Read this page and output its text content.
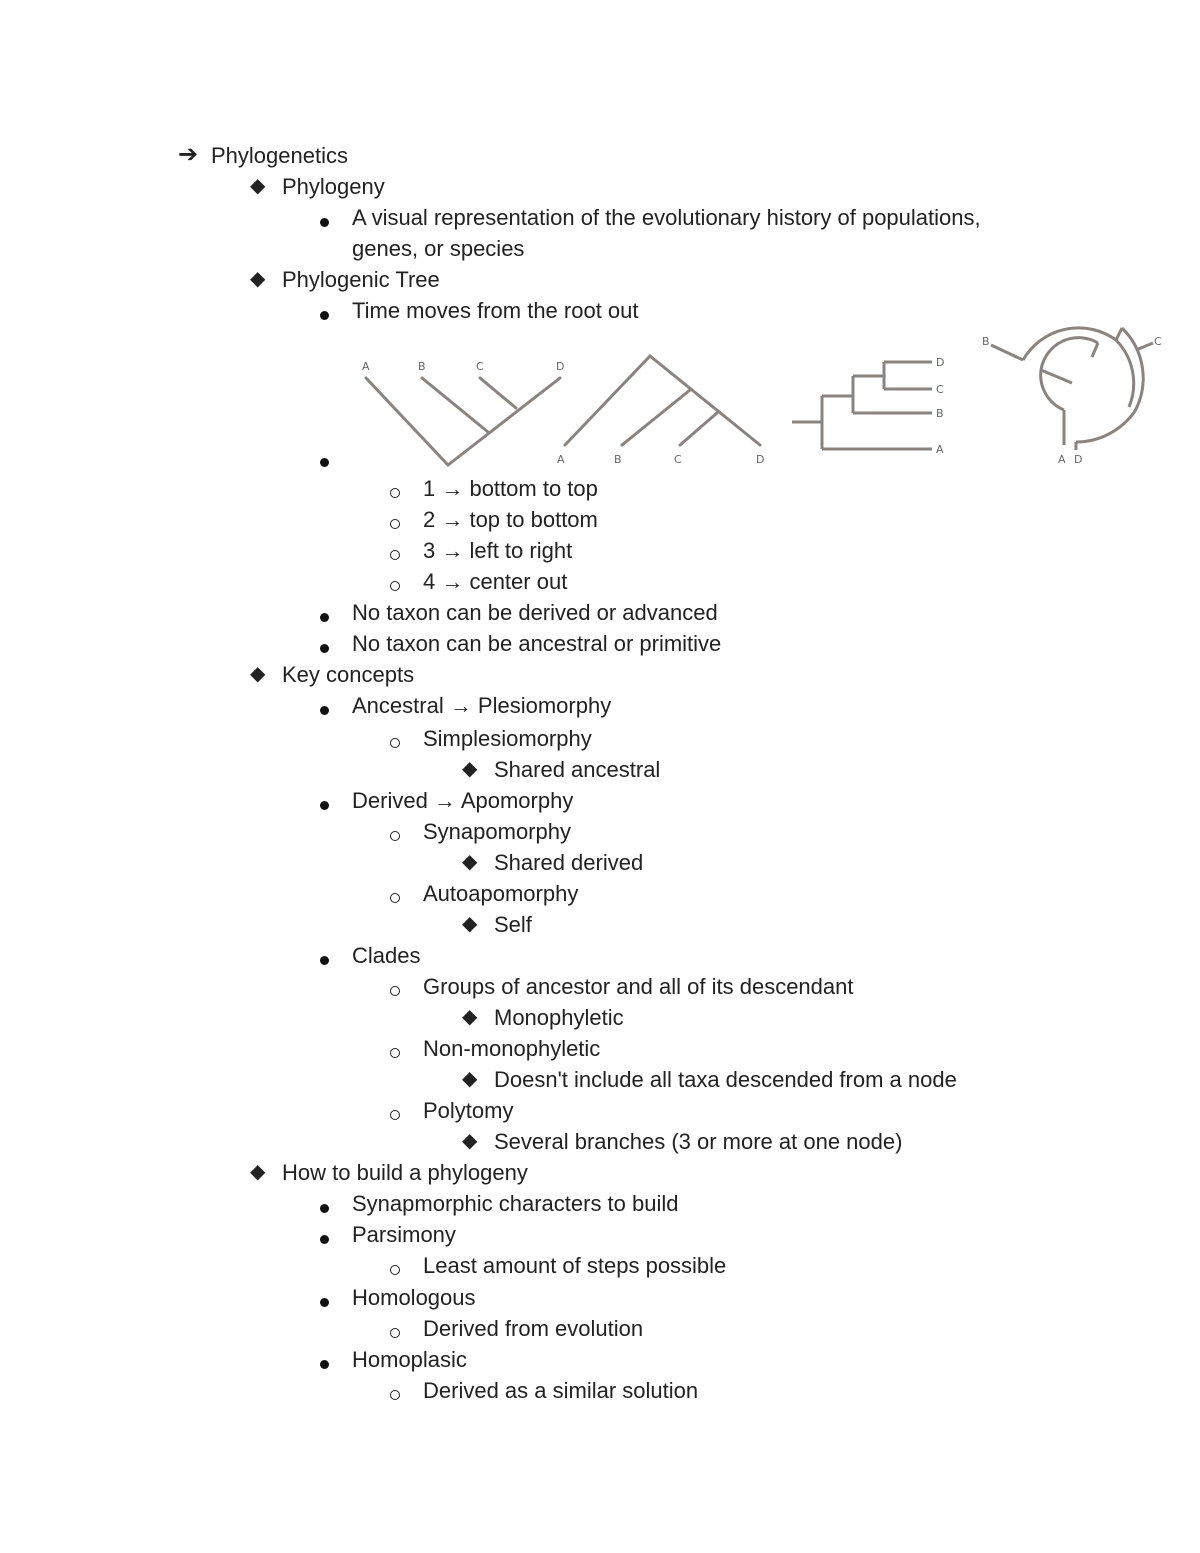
➔ Phylogenetics
◆ Phylogeny
A visual representation of the evolutionary history of populations,
genes, or species
◆ Phylogenic Tree
Time moves from the root out
1 → bottom to top
2 → top to bottom
3 → left to right
4 → center out
No taxon can be derived or advanced
No taxon can be ancestral or primitive
◆ Key concepts
Ancestral → Plesiomorphy
Simplesiomorphy
◆ Shared ancestral
Derived → Apomorphy
Synapomorphy
◆ Shared derived
Autoapomorphy
◆ Self
Clades
Groups of ancestor and all of its descendant
◆ Monophyletic
Non-monophyletic
◆ Doesn't include all taxa descended from a node
Polytomy
◆ Several branches (3 or more at one node)
◆ How to build a phylogeny
Synapmorphic characters to build
Parsimony
Least amount of steps possible
Homologous
Derived from evolution
Homoplasic
Derived as a similar solution
A	B	C	D
A	B	C	D
D
C
B
A
B	C
A D
